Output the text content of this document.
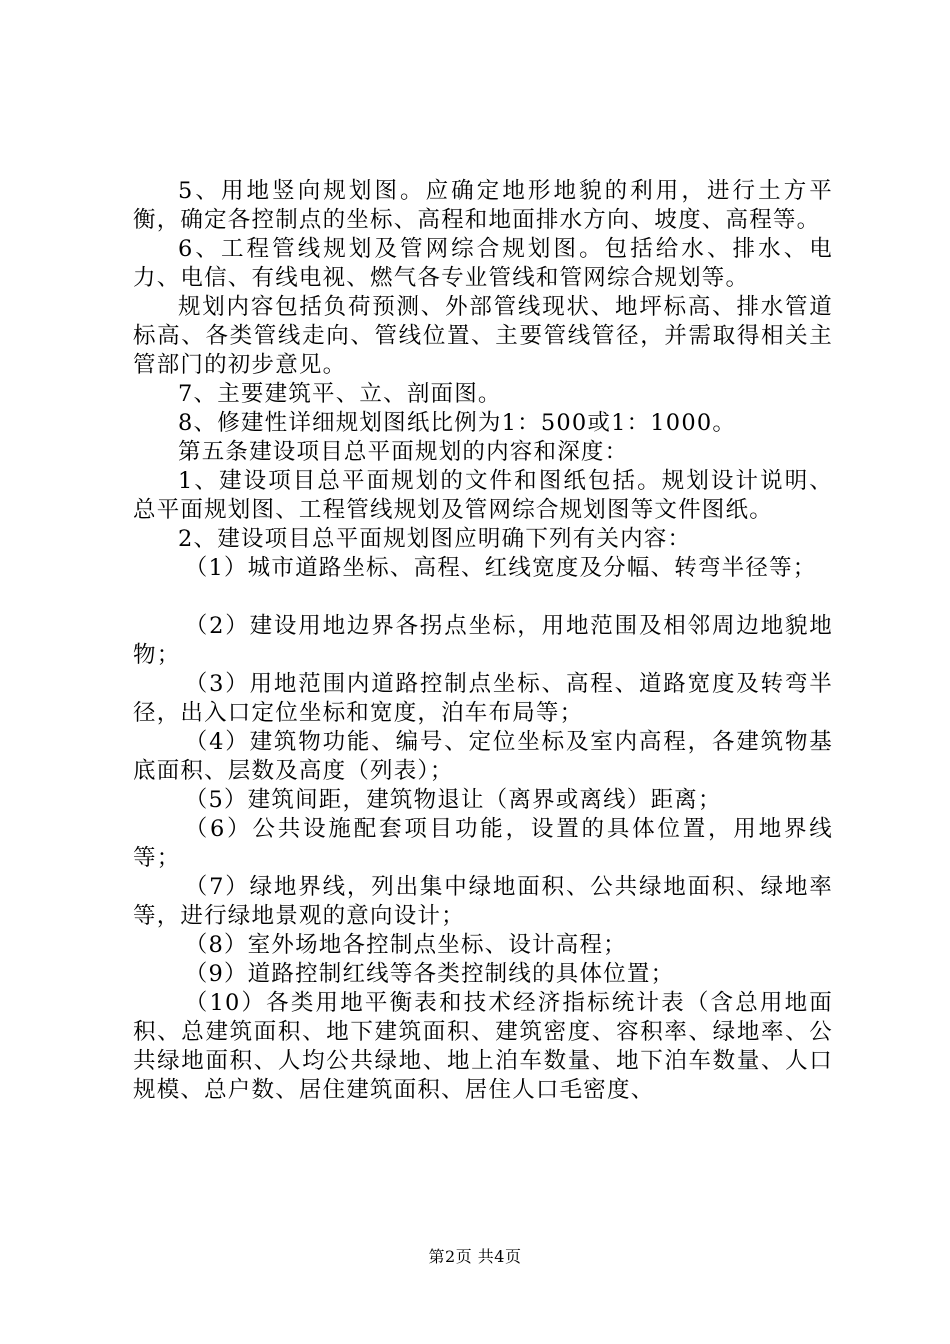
5、用地竖向规划图。应确定地形地貌的利用，进行土方平衡，确定各控制点的坐标、高程和地面排水方向、坡度、高程等。

6、工程管线规划及管网综合规划图。包括给水、排水、电力、电信、有线电视、燃气各专业管线和管网综合规划等。

规划内容包括负荷预测、外部管线现状、地坪标高、排水管道标高、各类管线走向、管线位置、主要管线管径，并需取得相关主管部门的初步意见。

7、主要建筑平、立、剖面图。

8、修建性详细规划图纸比例为1：500或1：1000。

第五条建设项目总平面规划的内容和深度：

1、建设项目总平面规划的文件和图纸包括。规划设计说明、总平面规划图、工程管线规划及管网综合规划图等文件图纸。

2、建设项目总平面规划图应明确下列有关内容：

（1）城市道路坐标、高程、红线宽度及分幅、转弯半径等；

（2）建设用地边界各拐点坐标，用地范围及相邻周边地貌地物；

（3）用地范围内道路控制点坐标、高程、道路宽度及转弯半径，出入口定位坐标和宽度，泊车布局等；

（4）建筑物功能、编号、定位坐标及室内高程，各建筑物基底面积、层数及高度（列表）；

（5）建筑间距，建筑物退让（离界或离线）距离；

（6）公共设施配套项目功能，设置的具体位置，用地界线等；

（7）绿地界线，列出集中绿地面积、公共绿地面积、绿地率等，进行绿地景观的意向设计；

（8）室外场地各控制点坐标、设计高程；

（9）道路控制红线等各类控制线的具体位置；

（10）各类用地平衡表和技术经济指标统计表（含总用地面积、总建筑面积、地下建筑面积、建筑密度、容积率、绿地率、公共绿地面积、人均公共绿地、地上泊车数量、地下泊车数量、人口规模、总户数、居住建筑面积、居住人口毛密度、

第2页 共4页
